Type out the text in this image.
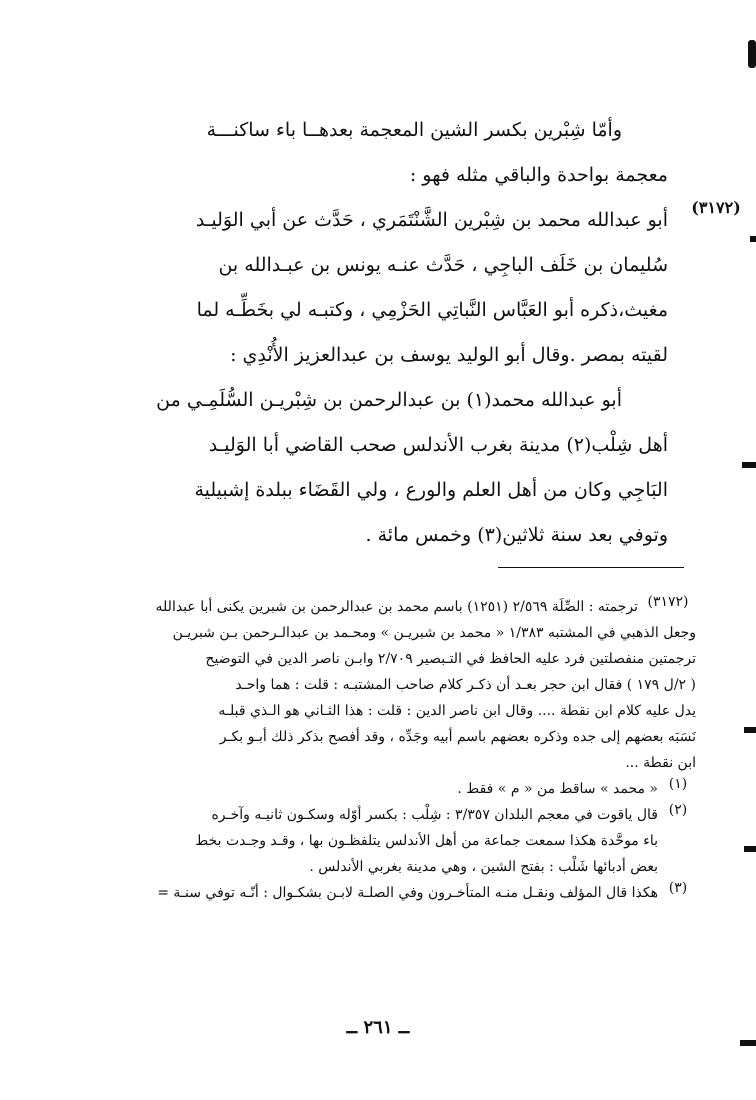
وأمّا شِبْرين بكسر الشين المعجمة بعدهــا باء ساكنـــة
معجمة بواحدة والباقي مثله فهو :
(٣١٧٢)
أبو عبدالله محمد بن شِبْرين الشَّنْتَمَري ، حَدَّث عن أبي الوَليـد
سُليمان بن خَلَف الباجِي ، حَدَّث عنـه يونس بن عبـدالله بن
مغيث،ذكره أبو العَبَّاس النَّباتِي الحَزْمِي ، وكتبـه لي بخَطِّـه لما
لقيته بمصر .وقال أبو الوليد يوسف بن عبدالعزيز الأُنْدِي :
أبو عبدالله محمد(١) بن عبدالرحمن بن شِبْريـن السُّلَمِـي من
أهل شِلْب(٢) مدينة بغرب الأندلس صحب القاضي أبا الوَليـد
البَاجِي وكان من أهل العلم والورع ، ولي القَضَاء ببلدة إشبيلية
وتوفي بعد سنة ثلاثين(٣) وخمس مائة .
(٣١٧٢)
ترجمته : الصِّلَة ٢/٥٦٩ (١٢٥١) باسم محمد بن عبدالرحمن بن شبرين يكنى أبا عبدالله
وجعل الذهبي في المشتبه ١/٣٨٣ « محمد بن شبريـن » ومحـمد بن عبدالـرحمن بـن شبريـن
ترجمتين منفصلتين فرد عليه الحافظ في التـبصير ٢/٧٠٩ وابـن ناصر الدين في التوضيح
( ٢/ل ١٧٩ ) فقال ابن حجر بعـد أن ذكـر كلام صاحب المشتبـه : قلت : هما واحـد
يدل عليه كلام ابن نقطة .... وقال ابن ناصر الدين : قلت : هذا الثـاني هو الـذي قبلـه
نَسَبَه بعضهم إلى جده وذكره بعضهم باسم أبيه وجَدِّه ، وقد أفصح بذكر ذلك أبـو بكـر
ابن نقطة ...
(١)
« محمد » ساقط من « م » فقط .
(٢)
قال ياقوت في معجم البلدان ٣/٣٥٧ : شِلْب : بكسر أوّله وسكـون ثانيـه وآخـره
باء موحَّدة هكذا سمعت جماعة من أهل الأندلس يتلفظـون بها ، وقـد وجـدت بخط
بعض أدبائها شَلْب : بفتح الشين ، وهي مدينة بغربي الأندلس .
(٣)
هكذا قال المؤلف ونقـل منـه المتأخـرون وفي الصلـة لابـن بشكـوال : أنّـه توفي سنـة =
ــ ٢٦١ ــ
